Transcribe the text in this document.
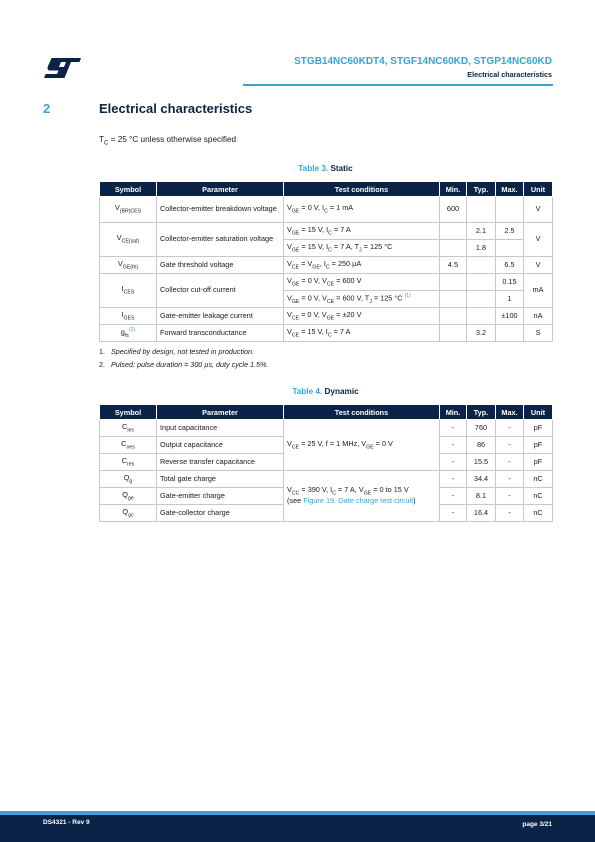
STGB14NC60KDT4, STGF14NC60KD, STGP14NC60KD
Electrical characteristics
2	Electrical characteristics
$T_C = 25$ °C unless otherwise specified
Table 3. Static
Symbol	Parameter	Test conditions	Min.	Typ.	Max.	Unit
$V_{(BR)CES}$	Collector-emitter breakdown voltage	$V_{GE} = 0$ V, $I_C = 1$ mA	600			V
$V_{CE(sat)}$	Collector-emitter saturation voltage	$V_{GE} = 15$ V, $I_C = 7$ A		2.1	2.5	V
		$V_{GE} = 15$ V, $I_C = 7$ A, $T_J = 125$ °C		1.8		
$V_{GE(th)}$	Gate threshold voltage	$V_{CE} = V_{GE}$, $I_C = 250$ µA	4.5		6.5	V
$I_{CES}$	Collector cut-off current	$V_{GE} = 0$ V, $V_{CE} = 600$ V			0.15	mA
		$V_{GE} = 0$ V, $V_{CE} = 600$ V, $T_J = 125$ °C $^{(1)}$			1	
$I_{GES}$	Gate-emitter leakage current	$V_{CE} = 0$ V, $V_{GE} = \pm 20$ V			±100	nA
$g_{fs}^{(2)}$	Forward transconductance	$V_{CE} = 15$ V, $I_C = 7$ A		3.2		S
1. Specified by design, not tested in production.
2. Pulsed: pulse duration = 300 µs, duty cycle 1.5%.
Table 4. Dynamic
Symbol	Parameter	Test conditions	Min.	Typ.	Max.	Unit
$C_{ies}$	Input capacitance	$V_{CE} = 25$ V, f = 1 MHz, $V_{GE} = 0$ V	-	760	-	pF
$C_{oes}$	Output capacitance		-	86	-	pF
$C_{res}$	Reverse transfer capacitance		-	15.5	-	pF
$Q_g$	Total gate charge	$V_{CC} = 390$ V, $I_C = 7$ A, $V_{GE} = 0$ to 15 V
(see Figure 19. Gate charge test circuit)	-	34.4	-	nC
$Q_{ge}$	Gate-emitter charge		-	8.1	-	nC
$Q_{gc}$	Gate-collector charge		-	16.4	-	nC
DS4321 - Rev 9	page 3/21
